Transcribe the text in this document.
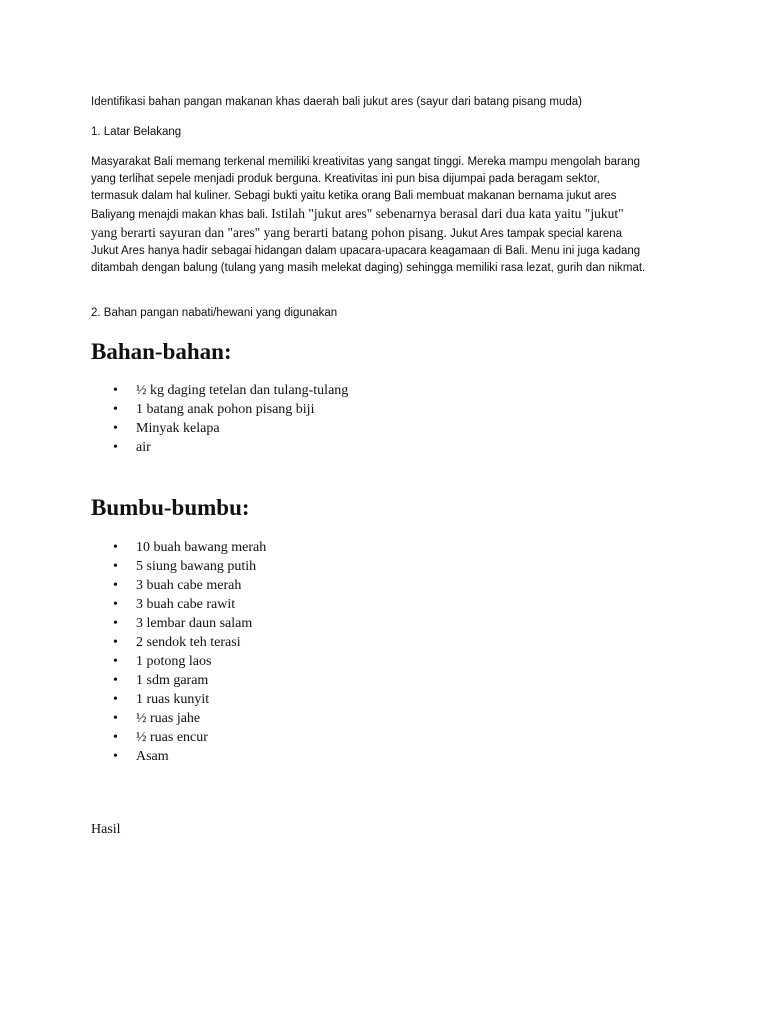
Identifikasi bahan pangan makanan khas daerah bali jukut ares (sayur dari batang pisang muda)
1. Latar Belakang
Masyarakat Bali memang terkenal memiliki kreativitas yang sangat tinggi. Mereka mampu mengolah barang
yang terlihat sepele menjadi produk berguna. Kreativitas ini pun bisa dijumpai pada beragam sektor,
termasuk dalam hal kuliner. Sebagi bukti yaitu ketika orang Bali membuat makanan bernama jukut ares
Baliyang menajdi makan khas bali. Istilah "jukut ares" sebenarnya berasal dari dua kata yaitu "jukut"
yang berarti sayuran dan "ares" yang berarti batang pohon pisang. Jukut Ares tampak special karena
Jukut Ares hanya hadir sebagai hidangan dalam upacara-upacara keagamaan di Bali. Menu ini juga kadang
ditambah dengan balung (tulang yang masih melekat daging) sehingga memiliki rasa lezat, gurih dan nikmat.
2. Bahan pangan nabati/hewani yang digunakan
Bahan-bahan:
• ½ kg daging tetelan dan tulang-tulang
• 1 batang anak pohon pisang biji
• Minyak kelapa
• air
Bumbu-bumbu:
• 10 buah bawang merah
• 5 siung bawang putih
• 3 buah cabe merah
• 3 buah cabe rawit
• 3 lembar daun salam
• 2 sendok teh terasi
• 1 potong laos
• 1 sdm garam
• 1 ruas kunyit
• ½ ruas jahe
• ½ ruas encur
• Asam
Hasil
